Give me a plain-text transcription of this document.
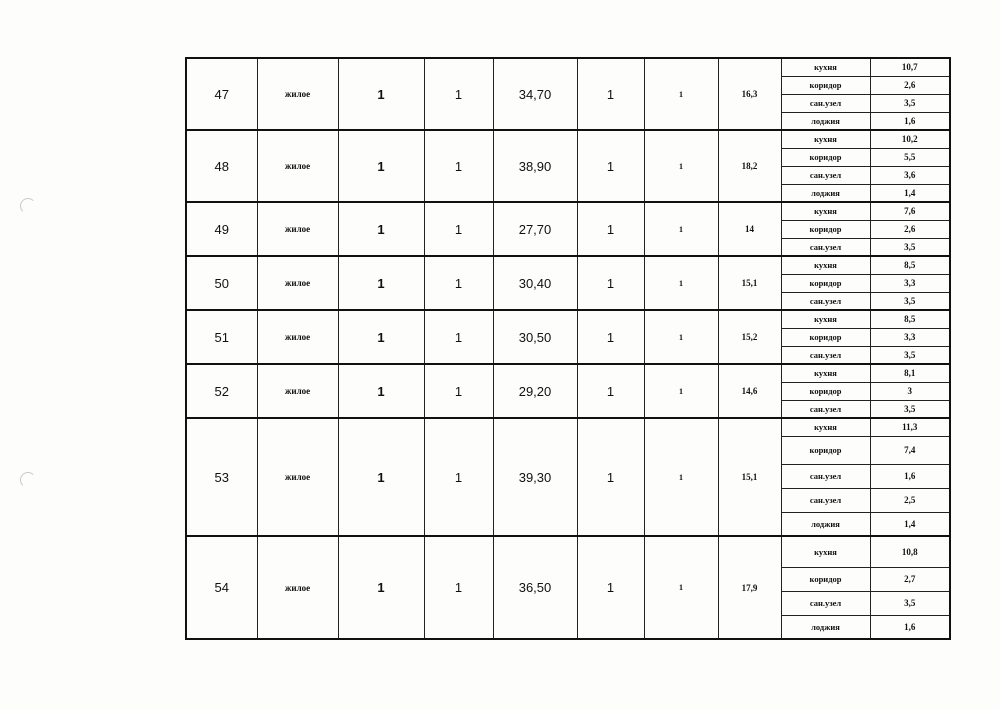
47	жилое	1	1	34,70	1	1	16,3	кухня	10,7
								коридор	2,6
								сан.узел	3,5
								лоджия	1,6
48	жилое	1	1	38,90	1	1	18,2	кухня	10,2
								коридор	5,5
								сан.узел	3,6
								лоджия	1,4
49	жилое	1	1	27,70	1	1	14	кухня	7,6
								коридор	2,6
								сан.узел	3,5
50	жилое	1	1	30,40	1	1	15,1	кухня	8,5
								коридор	3,3
								сан.узел	3,5
51	жилое	1	1	30,50	1	1	15,2	кухня	8,5
								коридор	3,3
								сан.узел	3,5
52	жилое	1	1	29,20	1	1	14,6	кухня	8,1
								коридор	3
								сан.узел	3,5
53	жилое	1	1	39,30	1	1	15,1	кухня	11,3
								коридор	7,4
								сан.узел	1,6
								сан.узел	2,5
								лоджия	1,4
54	жилое	1	1	36,50	1	1	17,9	кухня	10,8
								коридор	2,7
								сан.узел	3,5
								лоджия	1,6
